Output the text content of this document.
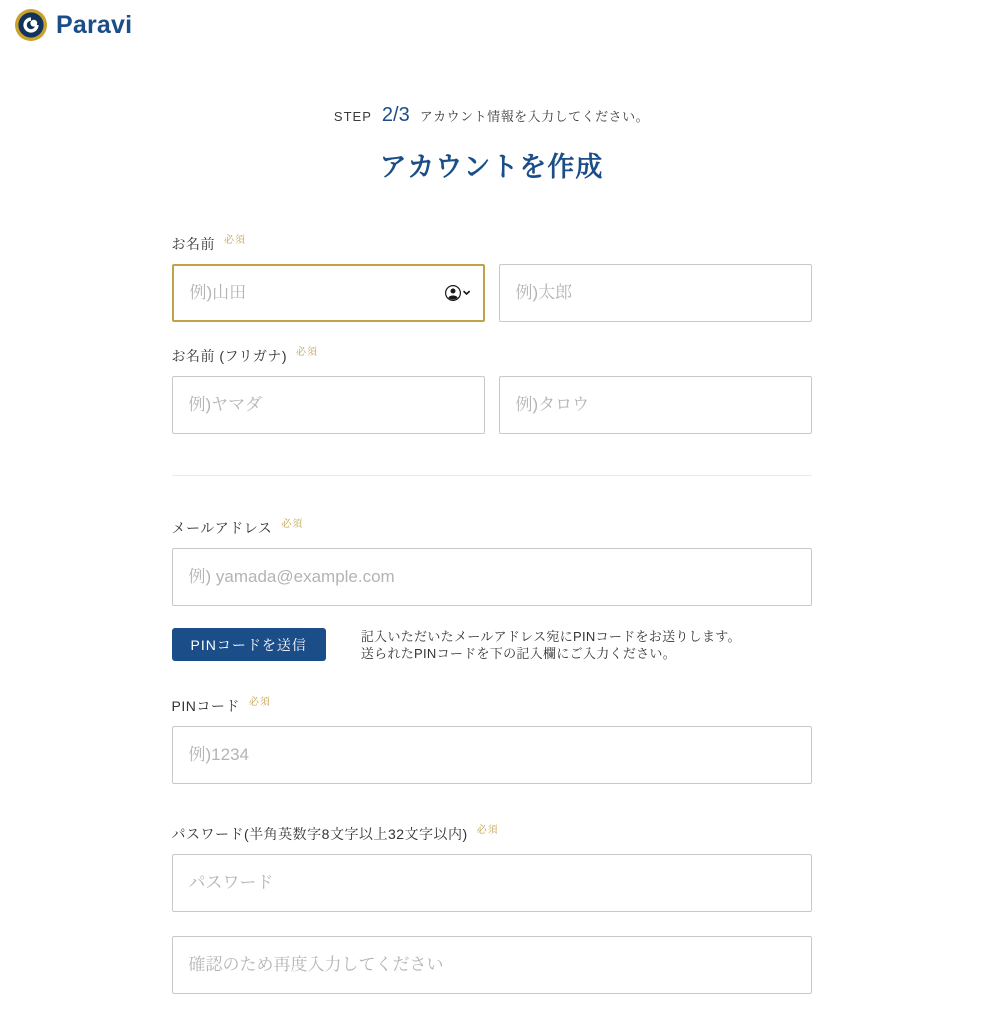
Paravi
STEP 2/3 アカウント情報を入力してください。
アカウントを作成
お名前 必須
例)山田
例)太郎
お名前 (フリガナ) 必須
例)ヤマダ
例)タロウ
メールアドレス 必須
例) yamada@example.com
PINコードを送信	記入いただいたメールアドレス宛にPINコードをお送りします。
送られたPINコードを下の記入欄にご入力ください。
PINコード 必須
例)1234
パスワード(半角英数字8文字以上32文字以内) 必須
